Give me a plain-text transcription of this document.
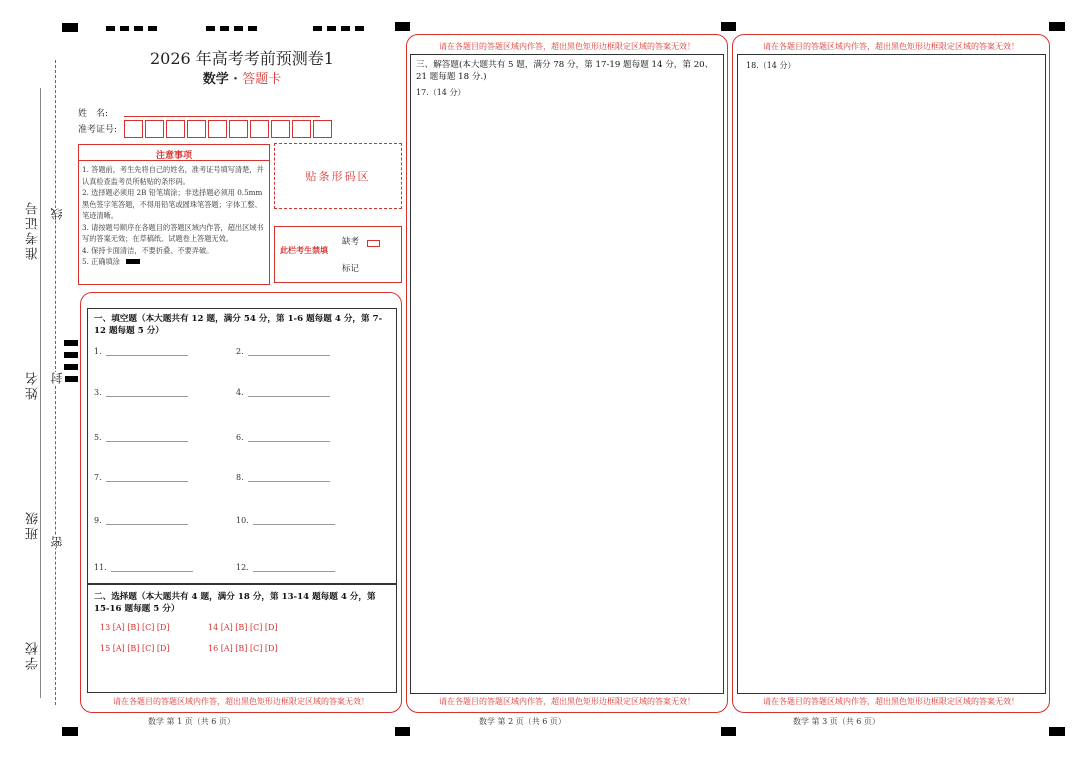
准考证号
姓名
班级
学校
线
封
密
2026 年高考考前预测卷1
数学 · 答题卡
姓　名:
准考证号:
注意事项
1. 答题前，考生先将自己的姓名，准考证号填写清楚，并认真检查监考员所粘贴的条形码。
2. 选择题必须用 2B 铅笔填涂；非选择题必须用 0.5mm 黑色签字笔答题，不得用铅笔或圆珠笔答题；字体工整、笔迹清晰。
3. 请按题号顺序在各题目的答题区域内作答，超出区域书写的答案无效；在草稿纸、试题卷上答题无效。
4. 保持卡面清洁，不要折叠、不要弄破。
5. 正确填涂
贴条形码区
此栏考生禁填
缺考
标记
一、填空题（本大题共有 12 题，满分 54 分，第 1-6 题每题 4 分，第 7-12 题每题 5 分）
1.	2.
3.	4.
5.	6.
7.	8.
9.	10.
11.	12.
二、选择题（本大题共有 4 题，满分 18 分，第 13-14 题每题 4 分，第 15-16 题每题 5 分）
13 [A] [B] [C] [D]	14 [A] [B] [C] [D]
15 [A] [B] [C] [D]	16 [A] [B] [C] [D]
请在各题目的答题区域内作答，超出黑色矩形边框限定区域的答案无效！
数学 第 1 页（共 6 页）
请在各题目的答题区域内作答，超出黑色矩形边框限定区域的答案无效！
三、解答题(本大题共有 5 题，满分 78 分，第 17-19 题每题 14 分，第 20、21 题每题 18 分.)
17.（14 分）
请在各题目的答题区域内作答，超出黑色矩形边框限定区域的答案无效！
数学 第 2 页（共 6 页）
请在各题目的答题区域内作答，超出黑色矩形边框限定区域的答案无效！
18.（14 分）
请在各题目的答题区域内作答，超出黑色矩形边框限定区域的答案无效！
数学 第 3 页（共 6 页）
